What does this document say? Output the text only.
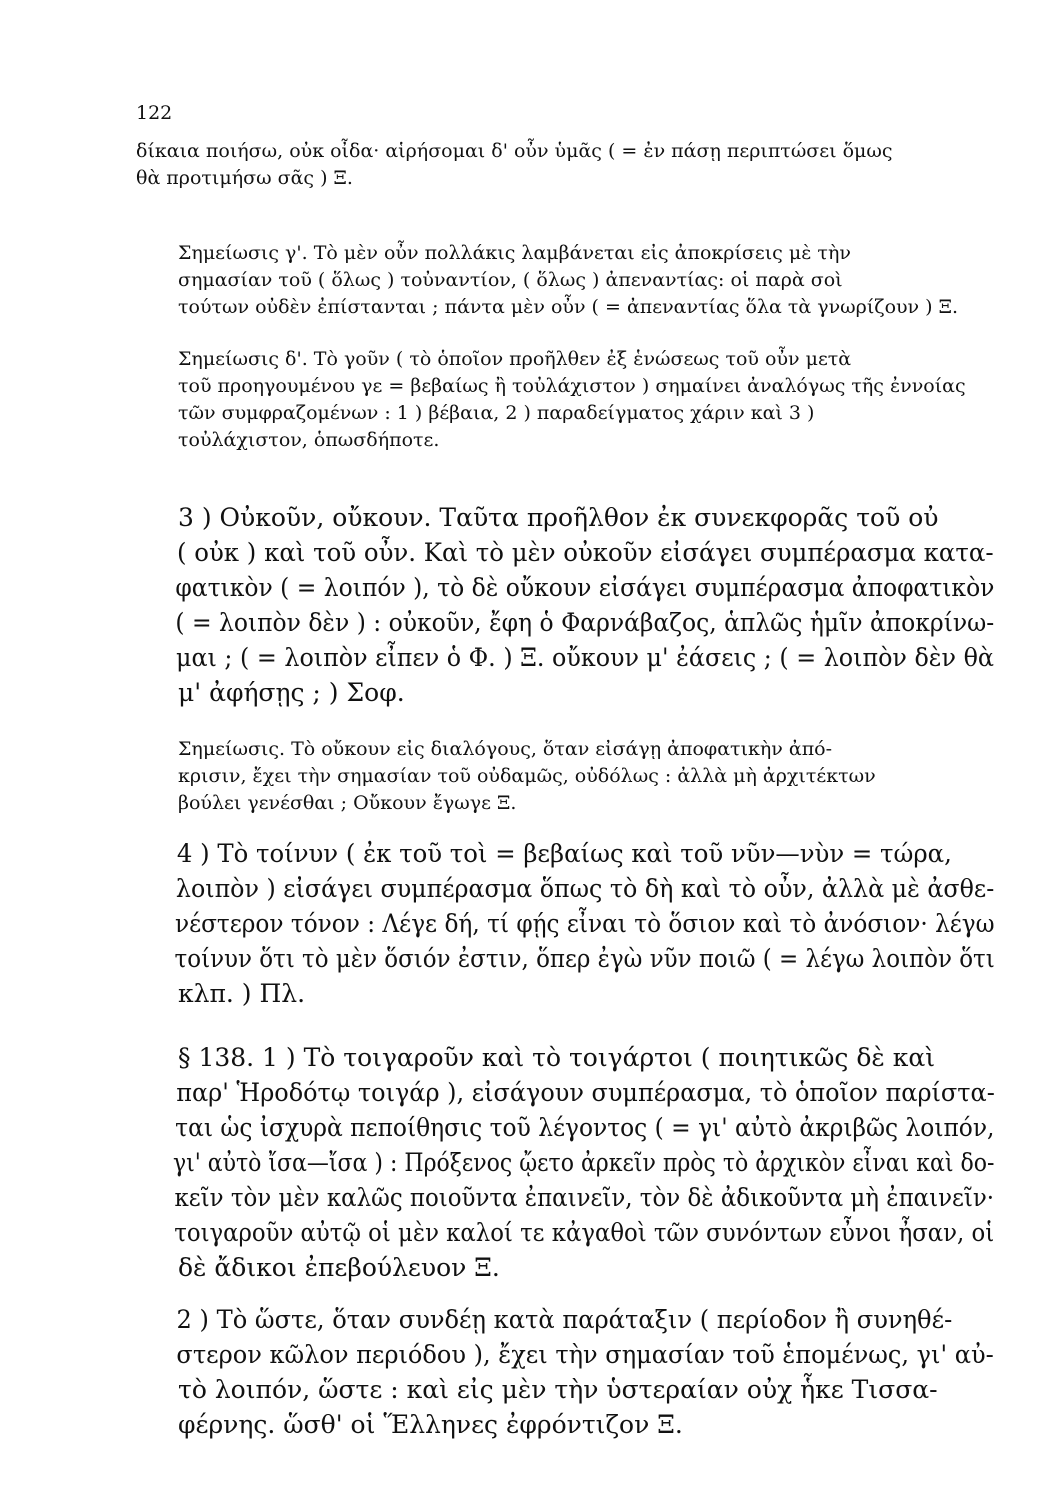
122
δίκαια ποιήσω, οὐκ οἶδα· αἱρήσομαι δ' οὖν ὑμᾶς ( = ἐν πάσῃ περιπτώσει ὅμως
θὰ προτιμήσω σᾶς ) Ξ.
Σημείωσις γ'. Τὸ μὲν οὖν πολλάκις λαμβάνεται εἰς ἀποκρίσεις μὲ τὴν
σημασίαν τοῦ ( ὅλως ) τοὐναντίον, ( ὅλως ) ἀπεναντίας: οἱ παρὰ σοὶ
τούτων οὐδὲν ἐπίστανται ; πάντα μὲν οὖν ( = ἀπεναντίας ὅλα τὰ γνωρίζουν ) Ξ.
Σημείωσις δ'. Τὸ γοῦν ( τὸ ὁποῖον προῆλθεν ἐξ ἑνώσεως τοῦ οὖν μετὰ
τοῦ προηγουμένου γε = βεβαίως ἢ τοὐλάχιστον ) σημαίνει ἀναλόγως τῆς ἐννοίας
τῶν συμφραζομένων : 1 ) βέβαια, 2 ) παραδείγματος χάριν καὶ 3 )
τοὐλάχιστον, ὁπωσδήποτε.
3 ) Οὐκοῦν, οὔκουν. Ταῦτα προῆλθον ἐκ συνεκφορᾶς τοῦ οὐ
( οὐκ ) καὶ τοῦ οὖν. Καὶ τὸ μὲν οὐκοῦν εἰσάγει συμπέρασμα κατα-
φατικὸν ( = λοιπόν ), τὸ δὲ οὔκουν εἰσάγει συμπέρασμα ἀποφατικὸν
( = λοιπὸν δὲν ) : οὐκοῦν, ἔφη ὁ Φαρνάβαζος, ἁπλῶς ἡμῖν ἀποκρίνω-
μαι ; ( = λοιπὸν εἶπεν ὁ Φ. ) Ξ. οὔκουν μ' ἐάσεις ; ( = λοιπὸν δὲν θὰ
μ' ἀφήσῃς ; ) Σοφ.
Σημείωσις. Τὸ οὔκουν εἰς διαλόγους, ὅταν εἰσάγῃ ἀποφατικὴν ἀπό-
κρισιν, ἔχει τὴν σημασίαν τοῦ οὐδαμῶς, οὐδόλως : ἀλλὰ μὴ ἀρχιτέκτων
βούλει γενέσθαι ; Οὔκουν ἔγωγε Ξ.
4 ) Τὸ τοίνυν ( ἐκ τοῦ τοὶ = βεβαίως καὶ τοῦ νῦν—νὺν = τώρα,
λοιπὸν ) εἰσάγει συμπέρασμα ὅπως τὸ δὴ καὶ τὸ οὖν, ἀλλὰ μὲ ἀσθε-
νέστερον τόνον : Λέγε δή, τί φῄς εἶναι τὸ ὅσιον καὶ τὸ ἀνόσιον· λέγω
τοίνυν ὅτι τὸ μὲν ὅσιόν ἐστιν, ὅπερ ἐγὼ νῦν ποιῶ ( = λέγω λοιπὸν ὅτι
κλπ. ) Πλ.
§ 138. 1 ) Τὸ τοιγαροῦν καὶ τὸ τοιγάρτοι ( ποιητικῶς δὲ καὶ
παρ' Ἡροδότῳ τοιγάρ ), εἰσάγουν συμπέρασμα, τὸ ὁποῖον παρίστα-
ται ὡς ἰσχυρὰ πεποίθησις τοῦ λέγοντος ( = γι' αὐτὸ ἀκριβῶς λοιπόν,
γι' αὐτὸ ἴσα—ἴσα ) : Πρόξενος ᾤετο ἀρκεῖν πρὸς τὸ ἀρχικὸν εἶναι καὶ δο-
κεῖν τὸν μὲν καλῶς ποιοῦντα ἐπαινεῖν, τὸν δὲ ἀδικοῦντα μὴ ἐπαινεῖν·
τοιγαροῦν αὐτῷ οἱ μὲν καλοί τε κἀγαθοὶ τῶν συνόντων εὖνοι ἦσαν, οἱ
δὲ ἄδικοι ἐπεβούλευον Ξ.
2 ) Τὸ ὥστε, ὅταν συνδέῃ κατὰ παράταξιν ( περίοδον ἢ συνηθέ-
στερον κῶλον περιόδου ), ἔχει τὴν σημασίαν τοῦ ἑπομένως, γι' αὐ-
τὸ λοιπόν, ὥστε : καὶ εἰς μὲν τὴν ὑστεραίαν οὐχ ἧκε Τισσα-
φέρνης. ὥσθ' οἱ Ἕλληνες ἐφρόντιζον Ξ.
